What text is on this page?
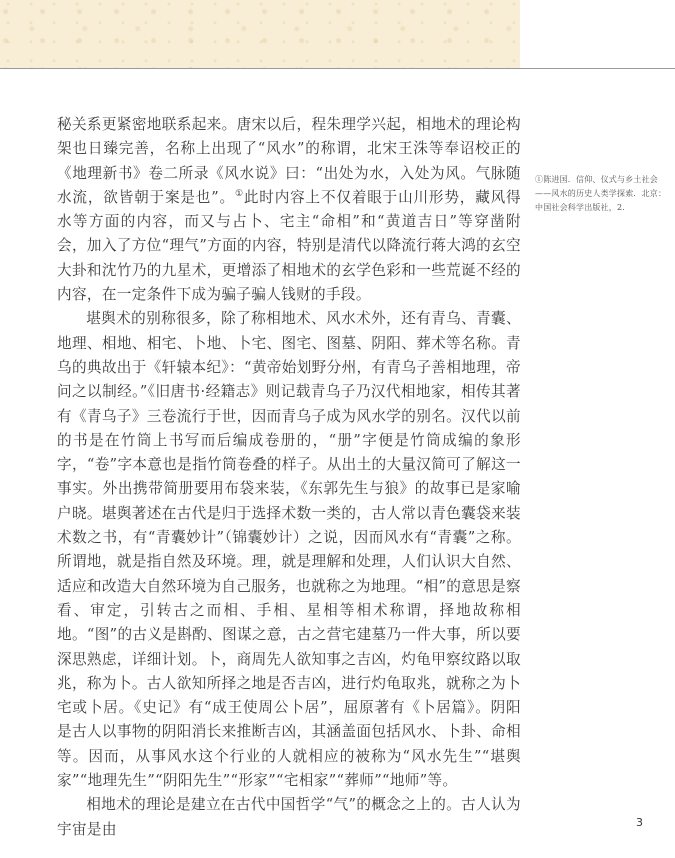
秘关系更紧密地联系起来。唐宋以后，程朱理学兴起，相地术的理论构架也日臻完善，名称上出现了“风水”的称谓，北宋王洙等奉诏校正的《地理新书》卷二所录《风水说》曰：“出处为水，入处为风。气脉随水流，欲皆朝于案是也”。①此时内容上不仅着眼于山川形势，藏风得水等方面的内容，而又与占卜、宅主“命相”和“黄道吉日”等穿凿附会，加入了方位“理气”方面的内容，特别是清代以降流行蒋大鸿的玄空大卦和沈竹乃的九星术，更增添了相地术的玄学色彩和一些荒诞不经的内容，在一定条件下成为骗子骗人钱财的手段。

堪舆术的别称很多，除了称相地术、风水术外，还有青乌、青囊、地理、相地、相宅、卜地、卜宅、图宅、图墓、阴阳、葬术等名称。青乌的典故出于《轩辕本纪》：“黄帝始划野分州，有青乌子善相地理，帝问之以制经。”《旧唐书·经籍志》则记载青乌子乃汉代相地家，相传其著有《青乌子》三卷流行于世，因而青乌子成为风水学的别名。汉代以前的书是在竹筒上书写而后编成卷册的，“册”字便是竹筒成编的象形字，“卷”字本意也是指竹筒卷叠的样子。从出土的大量汉简可了解这一事实。外出携带简册要用布袋来装，《东郭先生与狼》的故事已是家喻户晓。堪舆著述在古代是归于选择术数一类的，古人常以青色囊袋来装术数之书，有“青囊妙计”（锦囊妙计）之说，因而风水有“青囊”之称。所谓地，就是指自然及环境。理，就是理解和处理，人们认识大自然、适应和改造大自然环境为自己服务，也就称之为地理。“相”的意思是察看、审定，引转古之而相、手相、星相等相术称谓，择地故称相地。“图”的古义是斟酌、图谋之意，古之营宅建墓乃一件大事，所以要深思熟虑，详细计划。卜，商周先人欲知事之吉凶，灼龟甲察纹路以取兆，称为卜。古人欲知所择之地是否吉凶，进行灼龟取兆，就称之为卜宅或卜居。《史记》有“成王使周公卜居”，屈原著有《卜居篇》。阴阳是古人以事物的阴阳消长来推断吉凶，其涵盖面包括风水、卜卦、命相等。因而，从事风水这个行业的人就相应的被称为“风水先生”“堪舆家”“地理先生”“阴阳先生”“形家”“宅相家”“葬师”“地师”等。

相地术的理论是建立在古代中国哲学“气”的概念之上的。古人认为宇宙是由

①陈进国．信仰、仪式与乡土社会——风水的历史人类学探索．北京：中国社会科学出版社，2.
3
